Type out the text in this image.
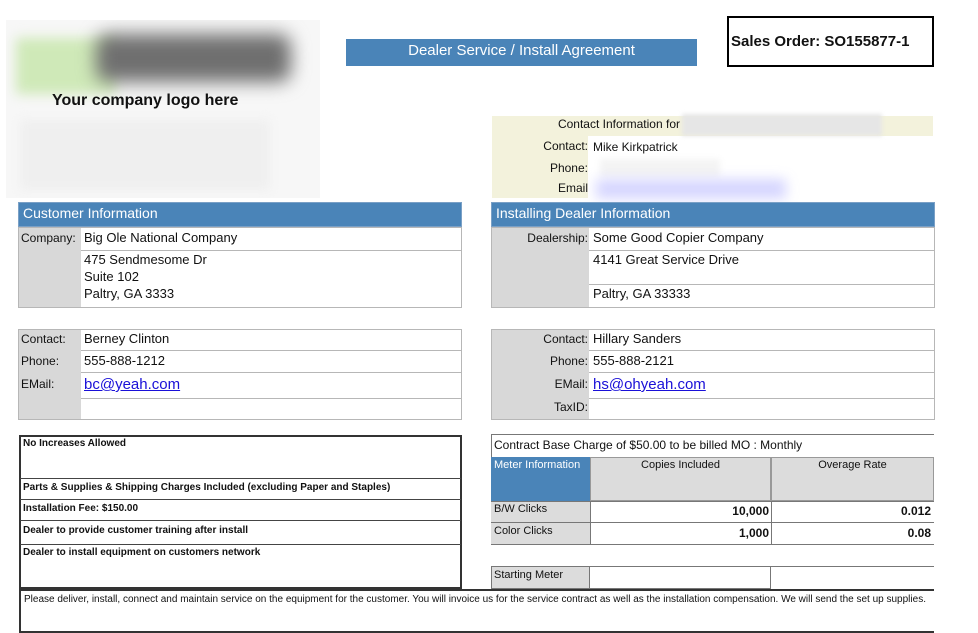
Your company logo here
Dealer Service / Install Agreement
Sales Order: SO155877-1
Contact Information for
Contact: Mike Kirkpatrick
Phone:
Email
Customer Information
Company: Big Ole National Company
475 Sendmesome Dr
Suite 102
Paltry, GA 3333
Contact: Berney Clinton
Phone: 555-888-1212
EMail: bc@yeah.com
Installing Dealer Information
Dealership: Some Good Copier Company
4141 Great Service Drive
Paltry, GA 33333
Contact: Hillary Sanders
Phone: 555-888-2121
EMail: hs@ohyeah.com
TaxID:
No Increases Allowed
Parts & Supplies & Shipping Charges Included (excluding Paper and Staples)
Installation Fee: $150.00
Dealer to provide customer training after install
Dealer to install equipment on customers network
Contract Base Charge of $50.00 to be billed MO : Monthly
Meter Information	Copies Included	Overage Rate
B/W Clicks	10,000	0.012
Color Clicks	1,000	0.08
Starting Meter
Please deliver, install, connect and maintain service on the equipment for the customer. You will invoice us for the service contract as well as the installation compensation. We will send the set up supplies.
